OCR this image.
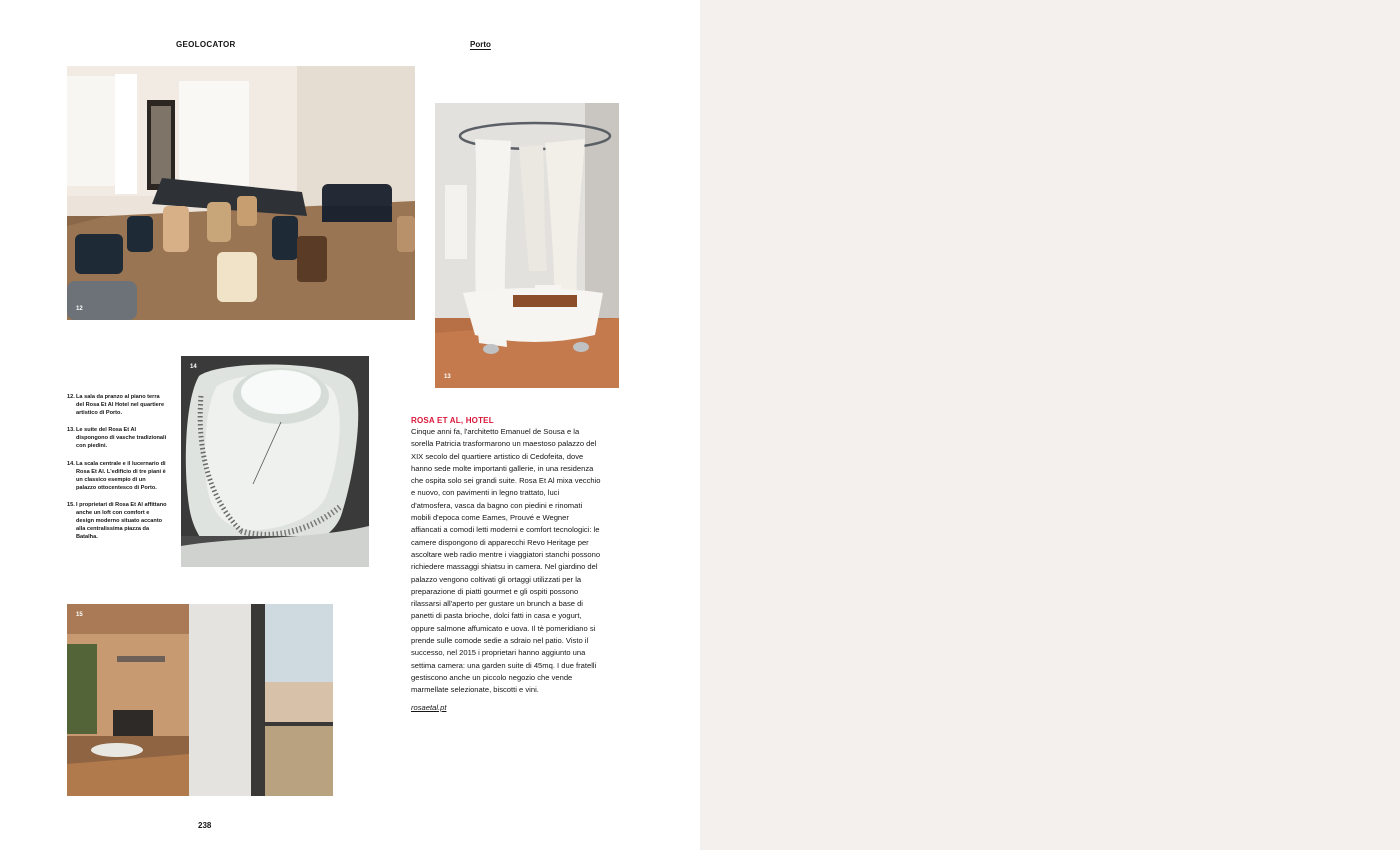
GEOLOCATOR	Porto
12
13
14
15
12. La sala da pranzo al piano terra del Rosa Et Al Hotel nel quartiere artistico di Porto.
13. Le suite del Rosa Et Al dispongono di vasche tradizionali con piedini.
14. La scala centrale e il lucernario di Rosa Et Al. L'edificio di tre piani è un classico esempio di un palazzo ottocentesco di Porto.
15. I proprietari di Rosa Et Al affittano anche un loft con comfort e design moderno situato accanto alla centralissima piazza da Batalha.
ROSA ET AL, HOTEL
Cinque anni fa, l'architetto Emanuel de Sousa e la sorella Patricia trasformarono un maestoso palazzo del XIX secolo del quartiere artistico di Cedofeita, dove hanno sede molte importanti gallerie, in una residenza che ospita solo sei grandi suite. Rosa Et Al mixa vecchio e nuovo, con pavimenti in legno trattato, luci d'atmosfera, vasca da bagno con piedini e rinomati mobili d'epoca come Eames, Prouvé e Wegner affiancati a comodi letti moderni e comfort tecnologici: le camere dispongono di apparecchi Revo Heritage per ascoltare web radio mentre i viaggiatori stanchi possono richiedere massaggi shiatsu in camera. Nel giardino del palazzo vengono coltivati gli ortaggi utilizzati per la preparazione di piatti gourmet e gli ospiti possono rilassarsi all'aperto per gustare un brunch a base di panetti di pasta brioche, dolci fatti in casa e yogurt, oppure salmone affumicato e uova. Il tè pomeridiano si prende sulle comode sedie a sdraio nel patio. Visto il successo, nel 2015 i proprietari hanno aggiunto una settima camera: una garden suite di 45mq. I due fratelli gestiscono anche un piccolo negozio che vende marmellate selezionate, biscotti e vini.
rosaetal.pt
238
